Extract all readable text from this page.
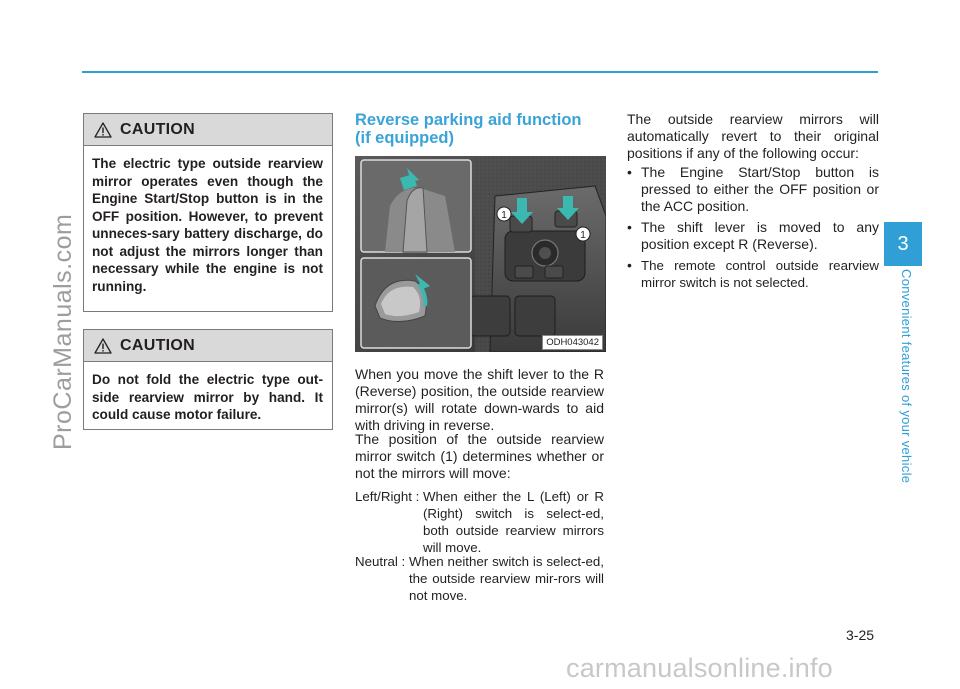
ProCarManuals.com
CAUTION
The electric type outside rearview mirror operates even though the Engine Start/Stop button is in the OFF position. However, to prevent unneces-sary battery discharge, do not adjust the mirrors longer than necessary while the engine is not running.
CAUTION
Do not fold the electric type out-side rearview mirror by hand. It could cause motor failure.
Reverse parking aid function
(if equipped)
1
1
ODH043042
When you move the shift lever to the R (Reverse) position, the outside rearview mirror(s) will rotate down-wards to aid with driving in reverse.
The position of the outside rearview mirror switch (1) determines whether or not the mirrors will move:
Left/Right : When either the L (Left) or R (Right) switch is select-ed, both outside rearview mirrors will move.
Neutral : When neither switch is select-ed, the outside rearview mir-rors will not move.
The outside rearview mirrors will automatically revert to their original positions if any of the following occur:
• The Engine Start/Stop button is pressed to either the OFF position or the ACC position.
• The shift lever is moved to any position except R (Reverse).
• The remote control outside rearview mirror switch is not selected.
3
Convenient features of your vehicle
3-25
carmanualsonline.info
